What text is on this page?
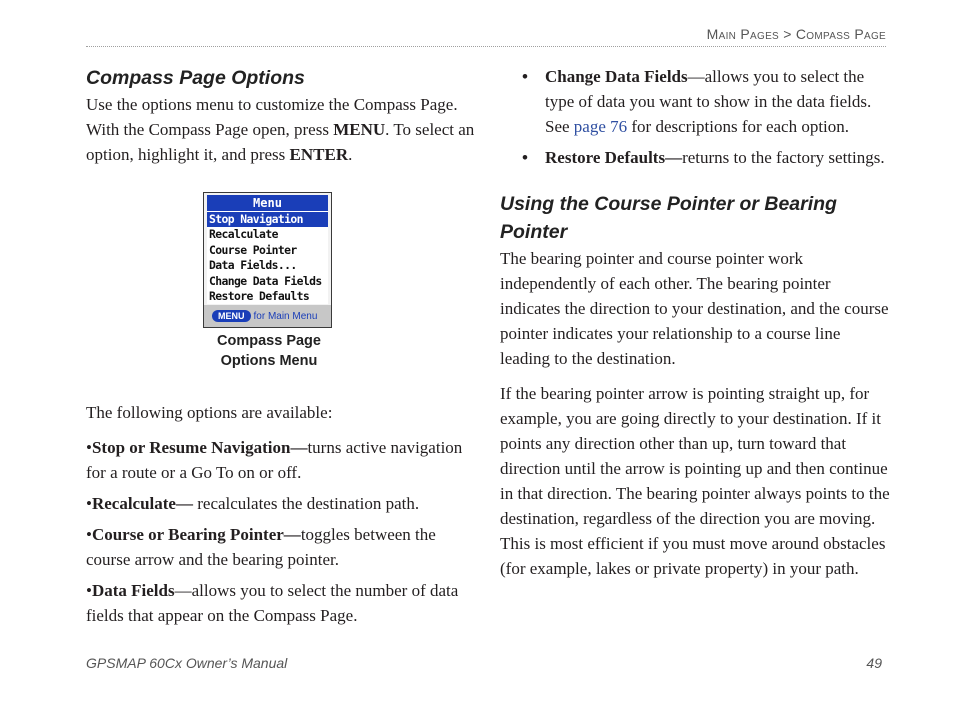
Main Pages > Compass Page
Compass Page Options

Use the options menu to customize the Compass Page. With the Compass Page open, press MENU. To select an option, highlight it, and press ENTER.

Menu
Stop Navigation
Recalculate
Course Pointer
Data Fields...
Change Data Fields
Restore Defaults
MENU for Main Menu
Compass Page
Options Menu

The following options are available:

•Stop or Resume Navigation—turns active navigation for a route or a Go To on or off.
•Recalculate— recalculates the destination path.
•Course or Bearing Pointer—toggles between the course arrow and the bearing pointer.
•Data Fields—allows you to select the number of data fields that appear on the Compass Page.
• Change Data Fields—allows you to select the type of data you want to show in the data fields. See page 76 for descriptions for each option.
• Restore Defaults—returns to the factory settings.
Using the Course Pointer or Bearing Pointer

The bearing pointer and course pointer work independently of each other. The bearing pointer indicates the direction to your destination, and the course pointer indicates your relationship to a course line leading to the destination.

If the bearing pointer arrow is pointing straight up, for example, you are going directly to your destination. If it points any direction other than up, turn toward that direction until the arrow is pointing up and then continue in that direction. The bearing pointer always points to the destination, regardless of the direction you are moving. This is most efficient if you must move around obstacles (for example, lakes or private property) in your path.

GPSMAP 60Cx Owner’s Manual	49
